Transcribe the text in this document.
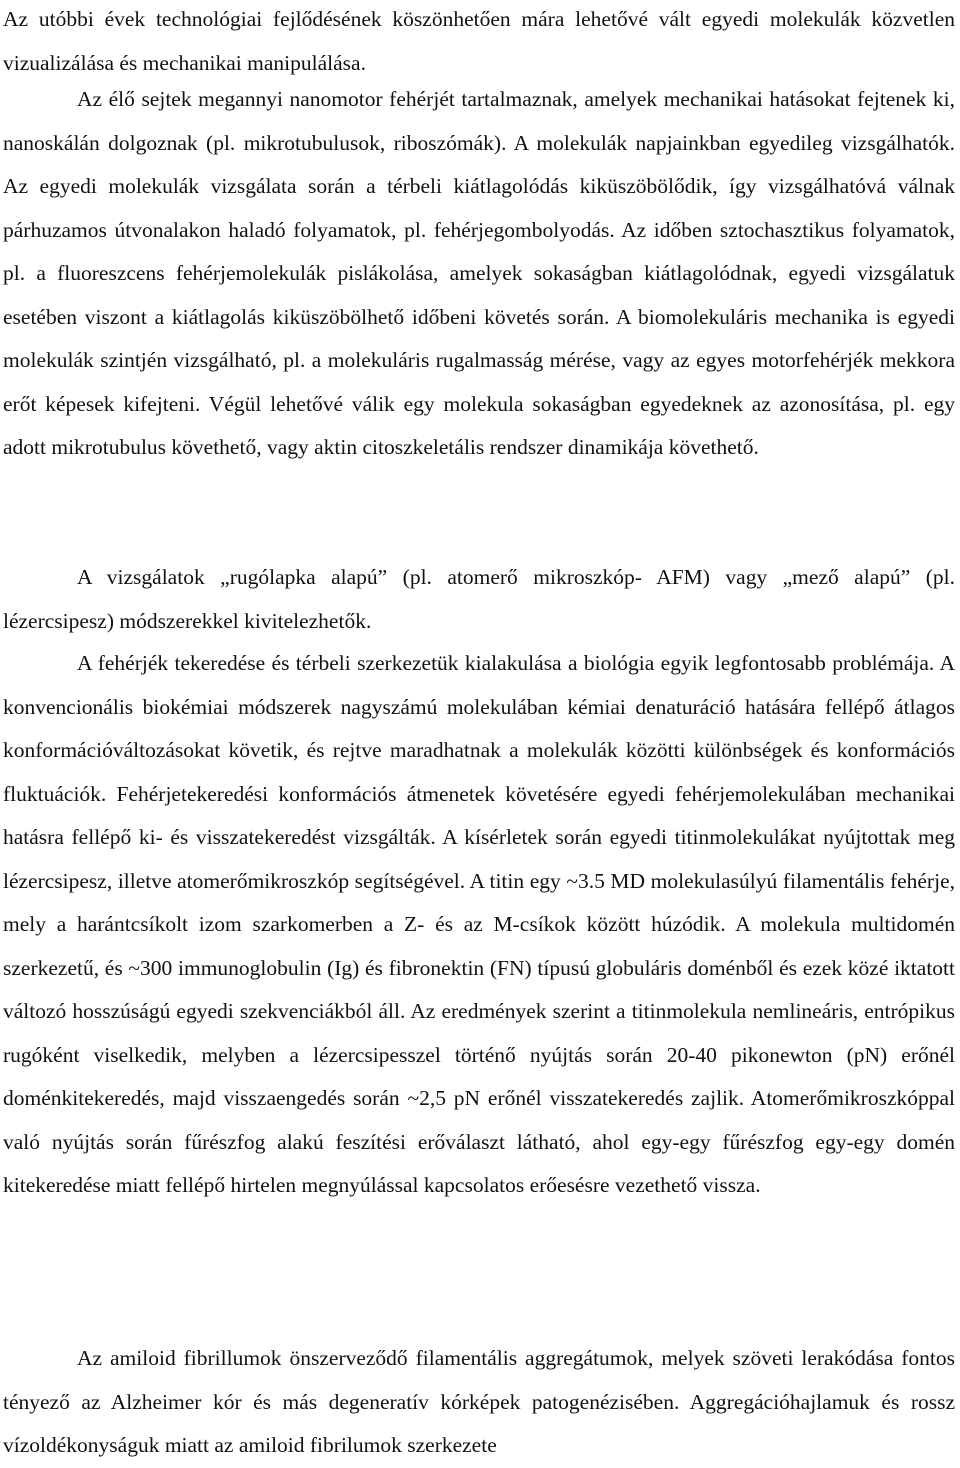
Az utóbbi évek technológiai fejlődésének köszönhetően mára lehetővé vált egyedi molekulák közvetlen vizualizálása és mechanikai manipulálása.

Az élő sejtek megannyi nanomotor fehérjét tartalmaznak, amelyek mechanikai hatásokat fejtenek ki, nanoskálán dolgoznak (pl. mikrotubulusok, riboszómák). A molekulák napjainkban egyedileg vizsgálhatók. Az egyedi molekulák vizsgálata során a térbeli kiátlagolódás kiküszöbölődik, így vizsgálhatóvá válnak párhuzamos útvonalakon haladó folyamatok, pl. fehérjegombolyodás. Az időben sztochasztikus folyamatok, pl. a fluoreszcens fehérjemolekulák pislákolása, amelyek sokaságban kiátlagolódnak, egyedi vizsgálatuk esetében viszont a kiátlagolás kiküszöbölhető időbeni követés során. A biomolekuláris mechanika is egyedi molekulák szintjén vizsgálható, pl. a molekuláris rugalmasság mérése, vagy az egyes motorfehérjék mekkora erőt képesek kifejteni. Végül lehetővé válik egy molekula sokaságban egyedeknek az azonosítása, pl. egy adott mikrotubulus követhető, vagy aktin citoszkeletális rendszer dinamikája követhető.

A vizsgálatok „rugólapka alapú” (pl. atomerő mikroszkóp- AFM) vagy „mező alapú” (pl. lézercsipesz) módszerekkel kivitelezhetők.

A fehérjék tekeredése és térbeli szerkezetük kialakulása a biológia egyik legfontosabb problémája. A konvencionális biokémiai módszerek nagyszámú molekulában kémiai denaturáció hatására fellépő átlagos konformációváltozásokat követik, és rejtve maradhatnak a molekulák közötti különbségek és konformációs fluktuációk. Fehérjetekeredési konformációs átmenetek követésére egyedi fehérjemolekulában mechanikai hatásra fellépő ki- és visszatekeredést vizsgálták. A kísérletek során egyedi titinmolekulákat nyújtottak meg lézercsipesz, illetve atomerőmikroszkóp segítségével. A titin egy ~3.5 MD molekulasúlyú filamentális fehérje, mely a harántcsíkolt izom szarkomerben a Z- és az M-csíkok között húzódik. A molekula multidomén szerkezetű, és ~300 immunoglobulin (Ig) és fibronektin (FN) típusú globuláris doménből és ezek közé iktatott változó hosszúságú egyedi szekvenciákból áll. Az eredmények szerint a titinmolekula nemlineáris, entrópikus rugóként viselkedik, melyben a lézercsipesszel történő nyújtás során 20-40 pikonewton (pN) erőnél doménkitekeredés, majd visszaengedés során ~2,5 pN erőnél visszatekeredés zajlik. Atomerőmikroszkóppal való nyújtás során fűrészfog alakú feszítési erőválaszt látható, ahol egy-egy fűrészfog egy-egy domén kitekeredése miatt fellépő hirtelen megnyúlással kapcsolatos erőesésre vezethető vissza.

Az amiloid fibrillumok önszerveződő filamentális aggregátumok, melyek szöveti lerakódása fontos tényező az Alzheimer kór és más degeneratív kórképek patogenézisében. Aggregációhajlamuk és rossz vízoldékonyságuk miatt az amiloid fibrilumok szerkezete
